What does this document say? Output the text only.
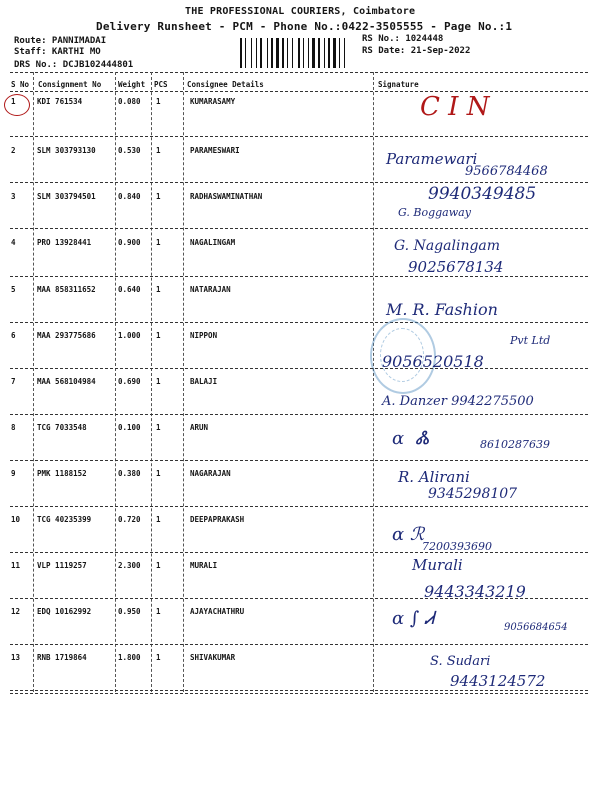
THE PROFESSIONAL COURIERS, Coimbatore
Delivery Runsheet - PCM - Phone No.:0422-3505555 - Page No.:1
Route: PANNIMADAI
Staff: KARTHI MO
DRS No.: DCJB102444801
RS No.: 1024448
RS Date: 21-Sep-2022
S No Consignment No Weight PCS	Consignee Details	Signature
1	KDI 761534	0.080 1	KUMARASAMY	C I N
2	SLM 303793130	0.530 1	PARAMESWARI	Paramewari
9566784468
3	SLM 303794501	0.840 1	RADHASWAMINATHAN	9940349485
G. Boggaway
4	PRO 13928441	0.900 1	NAGALINGAM	G. Nagalingam
9025678134
5	MAA 858311652	0.640 1	NATARAJAN
M. R. Fashion
6	MAA 293775686	1.000 1	NIPPON	Pvt Ltd
9056520518
7	MAA 568104984	0.690 1	BALAJI
A. Danzer 9942275500
8	TCG 7033548	0.100 1	ARUN
ɑ  Ꮬ	8610287639
9	PMK 1188152	0.380 1	NAGARAJAN	R. Alirani
9345298107
10 TCG 40235399	0.720 1	DEEPAPRAKASH
ɑ ℛ
7200393690
11 VLP 1119257	2.300 1	MURALI	Murali
9443343219
12 EDQ 10162992	0.950 1	AJAYACHATHRU	ɑ ∫ Ꮧ	9056684654
13 RNB 1719864	1.800 1	SHIVAKUMAR	S. Sudari
9443124572
